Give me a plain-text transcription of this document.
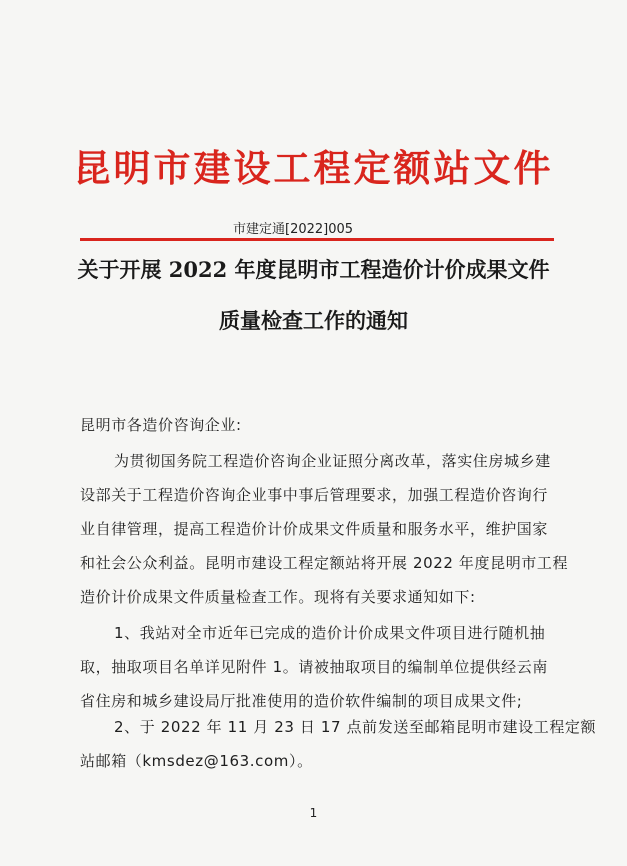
昆明市建设工程定额站文件
市建定通[2022]005
关于开展 2022 年度昆明市工程造价计价成果文件
质量检查工作的通知
昆明市各造价咨询企业:
为贯彻国务院工程造价咨询企业证照分离改革，落实住房城乡建
设部关于工程造价咨询企业事中事后管理要求，加强工程造价咨询行
业自律管理，提高工程造价计价成果文件质量和服务水平，维护国家
和社会公众利益。昆明市建设工程定额站将开展 2022 年度昆明市工程
造价计价成果文件质量检查工作。现将有关要求通知如下:
1、我站对全市近年已完成的造价计价成果文件项目进行随机抽
取，抽取项目名单详见附件 1。请被抽取项目的编制单位提供经云南
省住房和城乡建设局厅批准使用的造价软件编制的项目成果文件;
2、于 2022 年 11 月 23 日 17 点前发送至邮箱昆明市建设工程定额
站邮箱（kmsdez@163.com）。
1
